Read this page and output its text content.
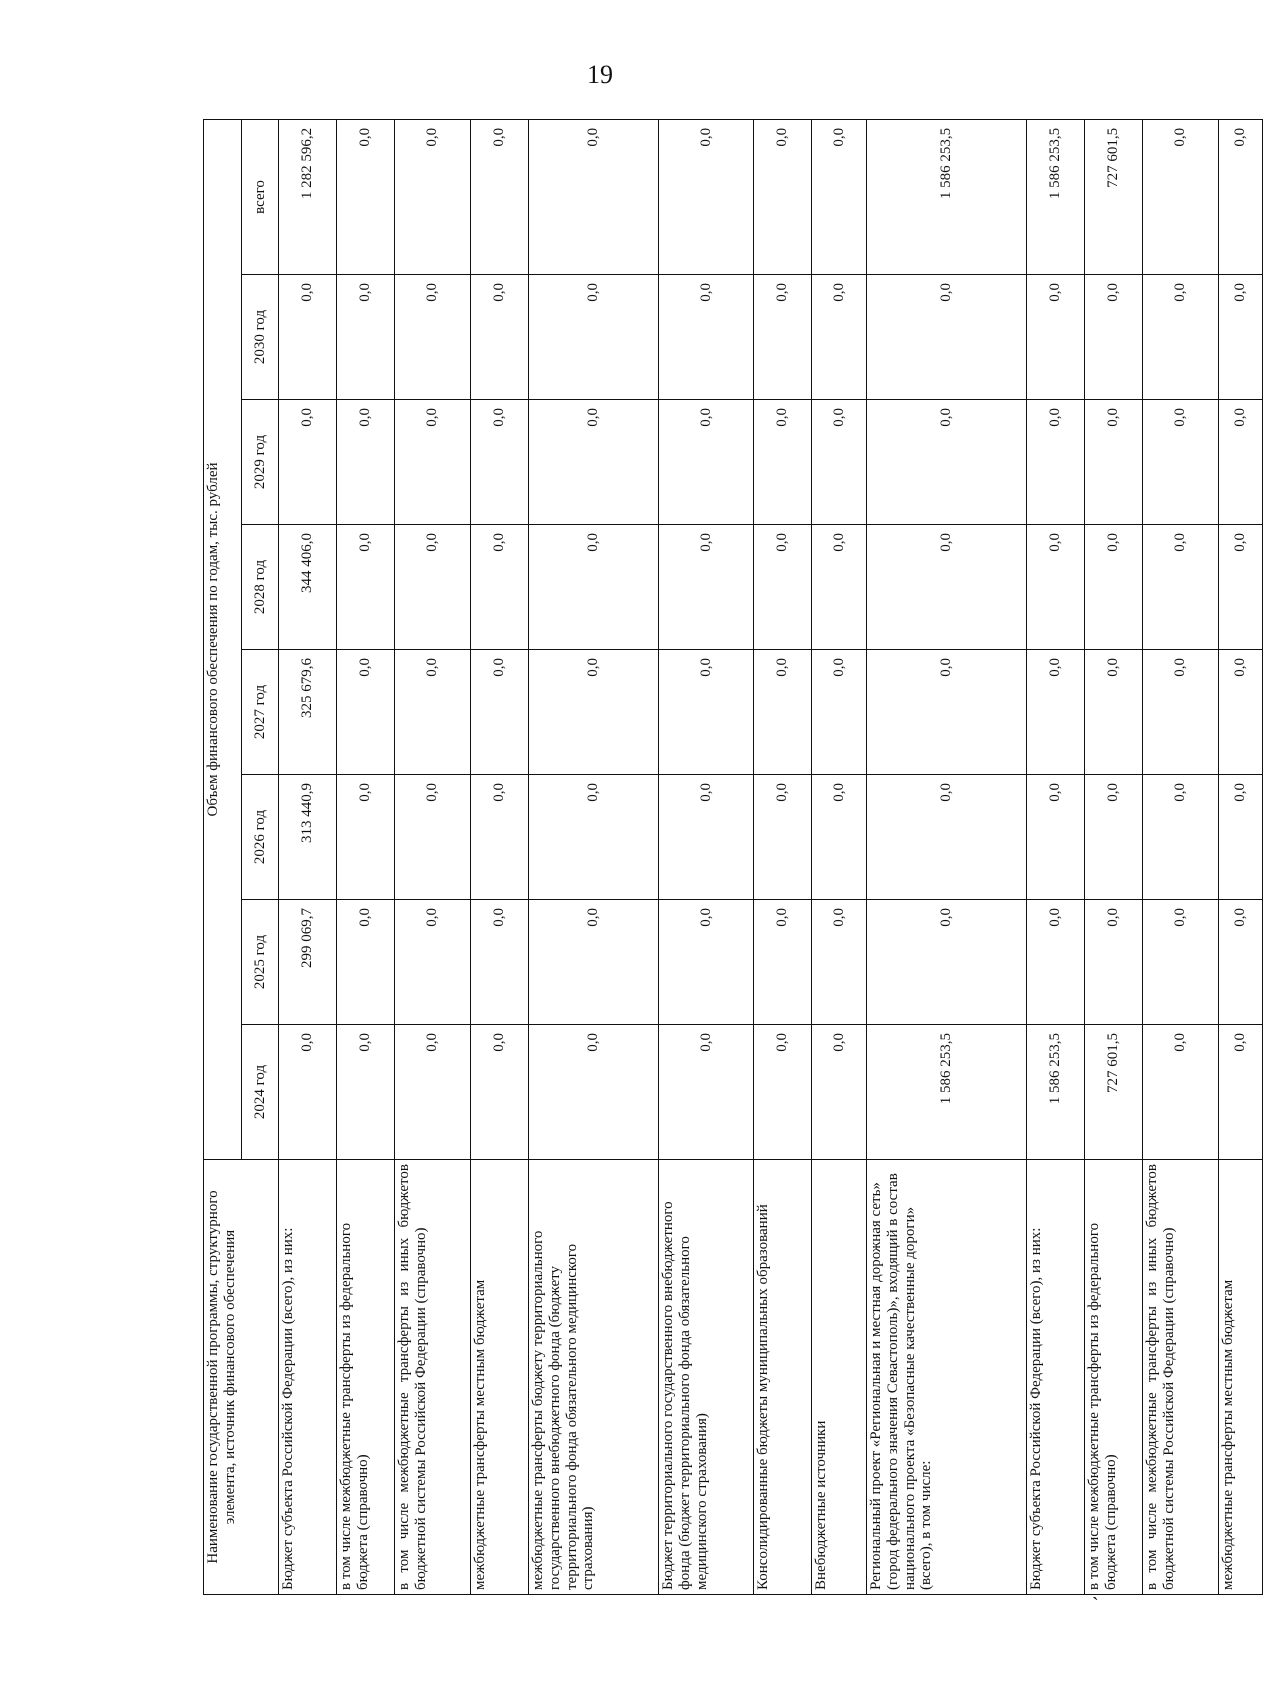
19
Наименование государственной программы, структурного элемента, источник финансового обеспечения	Объем финансового обеспечения по годам, тыс. рублей							
	2024 год	2025 год	2026 год	2027 год	2028 год	2029 год	2030 год	всего
Бюджет субъекта Российской Федерации (всего), из них:	0,0	299 069,7	313 440,9	325 679,6	344 406,0	0,0	0,0	1 282 596,2
в том числе межбюджетные трансферты из федерального бюджета (справочно)	0,0	0,0	0,0	0,0	0,0	0,0	0,0	0,0
в том числе межбюджетные трансферты из иных бюджетов бюджетной системы Российской Федерации (справочно)	0,0	0,0	0,0	0,0	0,0	0,0	0,0	0,0
межбюджетные трансферты местным бюджетам	0,0	0,0	0,0	0,0	0,0	0,0	0,0	0,0
межбюджетные трансферты бюджету территориального государственного внебюджетного фонда (бюджету территориального фонда обязательного медицинского страхования)	0,0	0,0	0,0	0,0	0,0	0,0	0,0	0,0
Бюджет территориального государственного внебюджетного фонда (бюджет территориального фонда обязательного медицинского страхования)	0,0	0,0	0,0	0,0	0,0	0,0	0,0	0,0
Консолидированные бюджеты муниципальных образований	0,0	0,0	0,0	0,0	0,0	0,0	0,0	0,0
Внебюджетные источники	0,0	0,0	0,0	0,0	0,0	0,0	0,0	0,0
Региональный проект «Региональная и местная дорожная сеть» (город федерального значения Севастополь)», входящий в состав национального проекта «Безопасные качественные дороги» (всего), в том числе:	1 586 253,5	0,0	0,0	0,0	0,0	0,0	0,0	1 586 253,5
Бюджет субъекта Российской Федерации (всего), из них:	1 586 253,5	0,0	0,0	0,0	0,0	0,0	0,0	1 586 253,5
в том числе межбюджетные трансферты из федерального бюджета (справочно)	727 601,5	0,0	0,0	0,0	0,0	0,0	0,0	727 601,5
в том числе межбюджетные трансферты из иных бюджетов бюджетной системы Российской Федерации (справочно)	0,0	0,0	0,0	0,0	0,0	0,0	0,0	0,0
межбюджетные трансферты местным бюджетам	0,0	0,0	0,0	0,0	0,0	0,0	0,0	0,0
`
